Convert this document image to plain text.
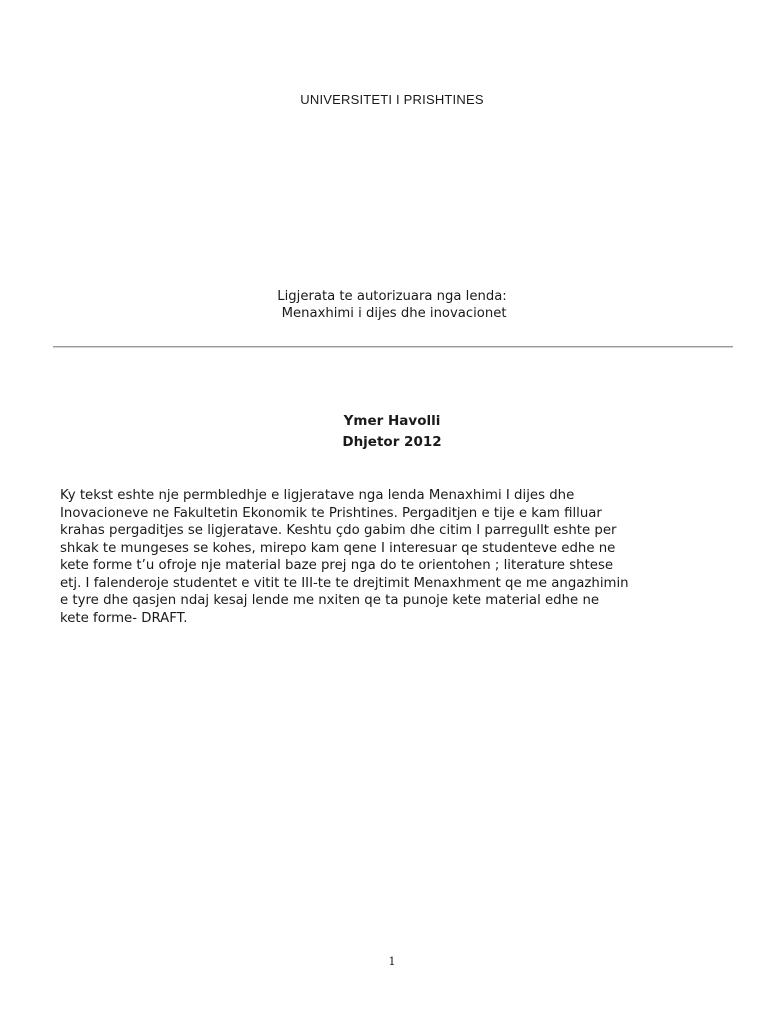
UNIVERSITETI I PRISHTINES
Ligjerata te autorizuara nga lenda:
Menaxhimi i dijes dhe inovacionet
Ymer Havolli
Dhjetor 2012
Ky tekst eshte nje permbledhje e ligjeratave nga lenda Menaxhimi I dijes dhe
Inovacioneve ne Fakultetin Ekonomik te Prishtines. Pergaditjen e tije e kam filluar
krahas pergaditjes se ligjeratave. Keshtu çdo gabim dhe citim I parregullt eshte per
shkak te mungeses se kohes, mirepo kam qene I interesuar qe studenteve edhe ne
kete forme t’u ofroje nje material baze prej nga do te orientohen ; literature shtese
etj. I falenderoje studentet e vitit te III-te te drejtimit Menaxhment qe me angazhimin
e tyre dhe qasjen ndaj kesaj lende me nxiten qe ta punoje kete material edhe ne
kete forme- DRAFT.
1
